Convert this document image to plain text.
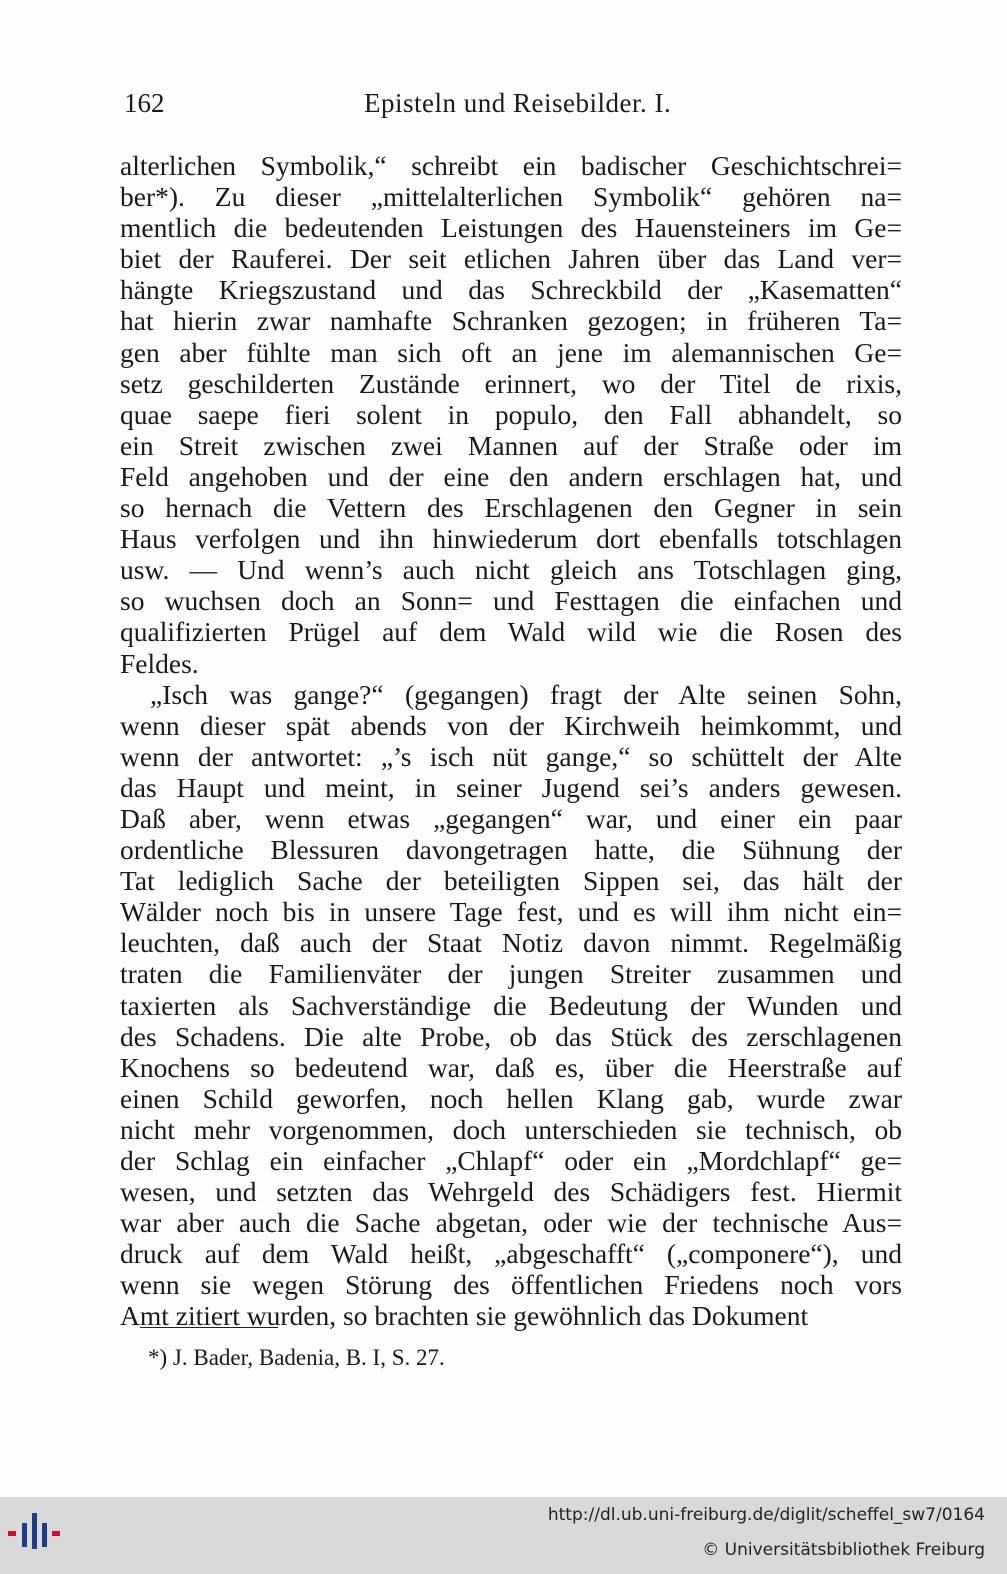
162	Episteln und Reisebilder. I.
alterlichen Symbolik,“ schreibt ein badischer Geschichtschrei=
ber*). Zu dieser „mittelalterlichen Symbolik“ gehören na=
mentlich die bedeutenden Leistungen des Hauensteiners im Ge=
biet der Rauferei. Der seit etlichen Jahren über das Land ver=
hängte Kriegszustand und das Schreckbild der „Kasematten“
hat hierin zwar namhafte Schranken gezogen; in früheren Ta=
gen aber fühlte man sich oft an jene im alemannischen Ge=
setz geschilderten Zustände erinnert, wo der Titel de rixis,
quae saepe fieri solent in populo, den Fall abhandelt, so
ein Streit zwischen zwei Mannen auf der Straße oder im
Feld angehoben und der eine den andern erschlagen hat, und
so hernach die Vettern des Erschlagenen den Gegner in sein
Haus verfolgen und ihn hinwiederum dort ebenfalls totschlagen
usw. — Und wenn’s auch nicht gleich ans Totschlagen ging,
so wuchsen doch an Sonn= und Festtagen die einfachen und
qualifizierten Prügel auf dem Wald wild wie die Rosen des
Feldes.
„Isch was gange?“ (gegangen) fragt der Alte seinen Sohn,
wenn dieser spät abends von der Kirchweih heimkommt, und
wenn der antwortet: „’s isch nüt gange,“ so schüttelt der Alte
das Haupt und meint, in seiner Jugend sei’s anders gewesen.
Daß aber, wenn etwas „gegangen“ war, und einer ein paar
ordentliche Blessuren davongetragen hatte, die Sühnung der
Tat lediglich Sache der beteiligten Sippen sei, das hält der
Wälder noch bis in unsere Tage fest, und es will ihm nicht ein=
leuchten, daß auch der Staat Notiz davon nimmt. Regelmäßig
traten die Familienväter der jungen Streiter zusammen und
taxierten als Sachverständige die Bedeutung der Wunden und
des Schadens. Die alte Probe, ob das Stück des zerschlagenen
Knochens so bedeutend war, daß es, über die Heerstraße auf
einen Schild geworfen, noch hellen Klang gab, wurde zwar
nicht mehr vorgenommen, doch unterschieden sie technisch, ob
der Schlag ein einfacher „Chlapf“ oder ein „Mordchlapf“ ge=
wesen, und setzten das Wehrgeld des Schädigers fest. Hiermit
war aber auch die Sache abgetan, oder wie der technische Aus=
druck auf dem Wald heißt, „abgeschafft“ („componere“), und
wenn sie wegen Störung des öffentlichen Friedens noch vors
Amt zitiert wurden, so brachten sie gewöhnlich das Dokument
*) J. Bader, Badenia, B. I, S. 27.
http://dl.ub.uni-freiburg.de/diglit/scheffel_sw7/0164
© Universitätsbibliothek Freiburg
